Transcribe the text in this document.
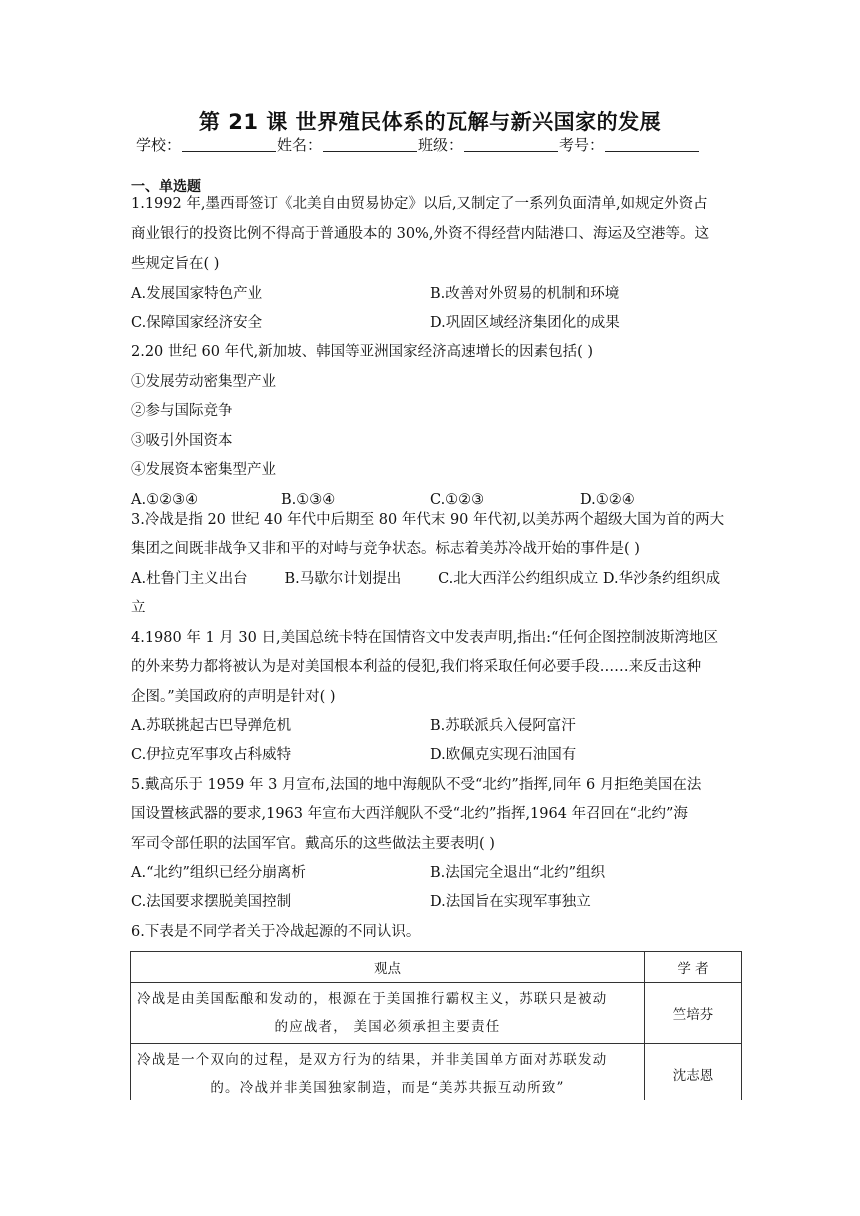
第 21 课 世界殖民体系的瓦解与新兴国家的发展
学校：	姓名：	班级：	考号：
一、单选题
1.1992 年,墨西哥签订《北美自由贸易协定》以后,又制定了一系列负面清单,如规定外资占
商业银行的投资比例不得高于普通股本的 30%,外资不得经营内陆港口、海运及空港等。这
些规定旨在( )
A.发展国家特色产业	B.改善对外贸易的机制和环境
C.保障国家经济安全	D.巩固区域经济集团化的成果
2.20 世纪 60 年代,新加坡、韩国等亚洲国家经济高速增长的因素包括( )
①发展劳动密集型产业
②参与国际竞争
③吸引外国资本
④发展资本密集型产业
A.①②③④	B.①③④	C.①②③	D.①②④
3.冷战是指 20 世纪 40 年代中后期至 80 年代末 90 年代初,以美苏两个超级大国为首的两大
集团之间既非战争又非和平的对峙与竞争状态。标志着美苏冷战开始的事件是( )
A.杜鲁门主义出台        B.马歇尔计划提出        C.北大西洋公约组织成立 D.华沙条约组织成
立
4.1980 年 1 月 30 日,美国总统卡特在国情咨文中发表声明,指出:“任何企图控制波斯湾地区
的外来势力都将被认为是对美国根本利益的侵犯,我们将采取任何必要手段……来反击这种
企图。”美国政府的声明是针对( )
A.苏联挑起古巴导弹危机	B.苏联派兵入侵阿富汗
C.伊拉克军事攻占科威特	D.欧佩克实现石油国有
5.戴高乐于 1959 年 3 月宣布,法国的地中海舰队不受“北约”指挥,同年 6 月拒绝美国在法
国设置核武器的要求,1963 年宣布大西洋舰队不受“北约”指挥,1964 年召回在“北约”海
军司令部任职的法国军官。戴高乐的这些做法主要表明( )
A.“北约”组织已经分崩离析	B.法国完全退出“北约”组织
C.法国要求摆脱美国控制	D.法国旨在实现军事独立
6.下表是不同学者关于冷战起源的不同认识。
观点	学 者
冷战是由美国酝酿和发动的，根源在于美国推行霸权主义，苏联只是被动
的应战者， 美国必须承担主要责任	竺培芬
冷战是一个双向的过程，是双方行为的结果，并非美国单方面对苏联发动
的。冷战并非美国独家制造，而是“美苏共振互动所致”	沈志恩
